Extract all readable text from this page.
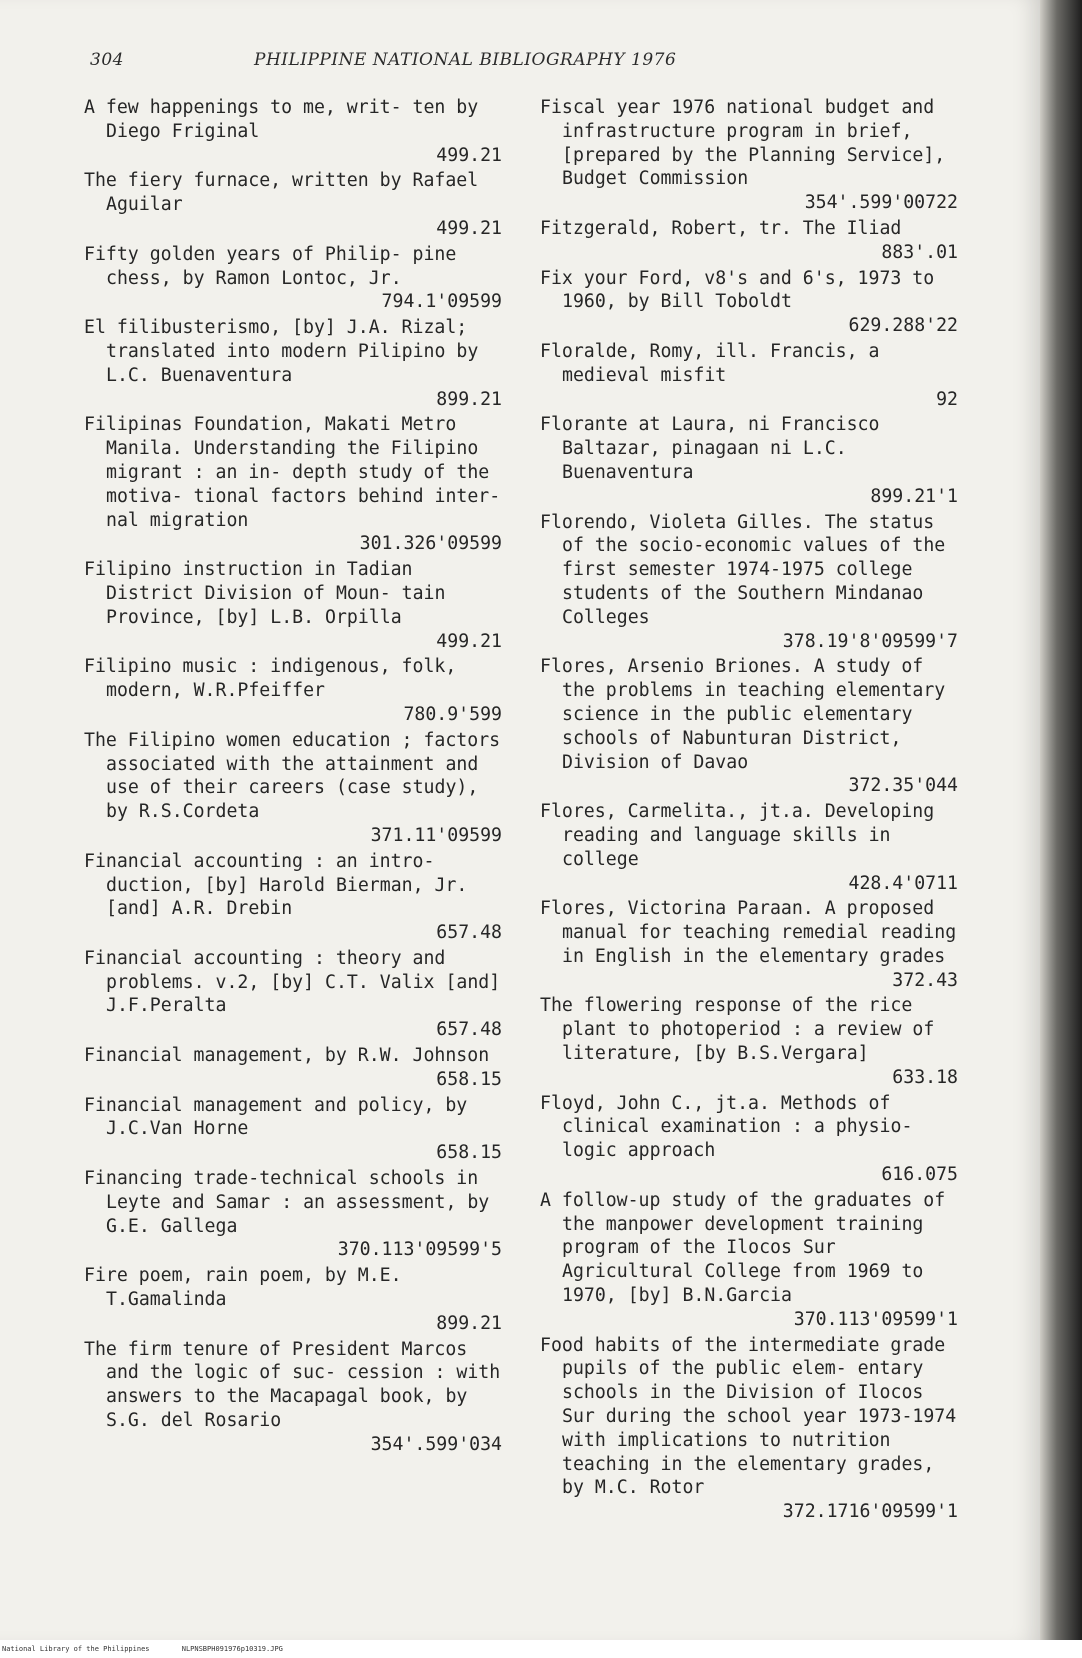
304	PHILIPPINE NATIONAL BIBLIOGRAPHY 1976
A few happenings to me, writ- ten by Diego Friginal
499.21
The fiery furnace, written by Rafael Aguilar
499.21
Fifty golden years of Philip- pine chess, by Ramon Lontoc, Jr.
794.1'09599
El filibusterismo, [by] J.A. Rizal; translated into modern Pilipino by L.C. Buenaventura
899.21
Filipinas Foundation, Makati Metro Manila. Understanding the Filipino migrant : an in- depth study of the motiva- tional factors behind inter- nal migration
301.326'09599
Filipino instruction in Tadian District Division of Moun- tain Province, [by] L.B. Orpilla
499.21
Filipino music : indigenous, folk, modern, W.R.Pfeiffer
780.9'599
The Filipino women education ; factors associated with the attainment and use of their careers (case study), by R.S.Cordeta
371.11'09599
Financial accounting : an intro- duction, [by] Harold Bierman, Jr. [and] A.R. Drebin
657.48
Financial accounting : theory and problems. v.2, [by] C.T. Valix [and] J.F.Peralta
657.48
Financial management, by R.W. Johnson
658.15
Financial management and policy, by J.C.Van Horne
658.15
Financing trade-technical schools in Leyte and Samar : an assessment, by G.E. Gallega
370.113'09599'5
Fire poem, rain poem, by M.E. T.Gamalinda
899.21
The firm tenure of President Marcos and the logic of suc- cession : with answers to the Macapagal book, by S.G. del Rosario
354'.599'034
Fiscal year 1976 national budget and infrastructure program in brief, [prepared by the Planning Service], Budget Commission
354'.599'00722
Fitzgerald, Robert, tr. The Iliad
883'.01
Fix your Ford, v8's and 6's, 1973 to 1960, by Bill Toboldt
629.288'22
Floralde, Romy, ill. Francis, a medieval misfit
92
Florante at Laura, ni Francisco Baltazar, pinagaan ni L.C. Buenaventura
899.21'1
Florendo, Violeta Gilles. The status of the socio-economic values of the first semester 1974-1975 college students of the Southern Mindanao Colleges
378.19'8'09599'7
Flores, Arsenio Briones. A study of the problems in teaching elementary science in the public elementary schools of Nabunturan District, Division of Davao
372.35'044
Flores, Carmelita., jt.a. Developing reading and language skills in college
428.4'0711
Flores, Victorina Paraan. A proposed manual for teaching remedial reading in English in the elementary grades
372.43
The flowering response of the rice plant to photoperiod : a review of literature, [by B.S.Vergara]
633.18
Floyd, John C., jt.a. Methods of clinical examination : a physio- logic approach
616.075
A follow-up study of the graduates of the manpower development training program of the Ilocos Sur Agricultural College from 1969 to 1970, [by] B.N.Garcia
370.113'09599'1
Food habits of the intermediate grade pupils of the public elem- entary schools in the Division of Ilocos Sur during the school year 1973-1974 with implications to nutrition teaching in the elementary grades, by M.C. Rotor
372.1716'09599'1
National Library of the Philippines	NLPNSBPH091976p10319.JPG
